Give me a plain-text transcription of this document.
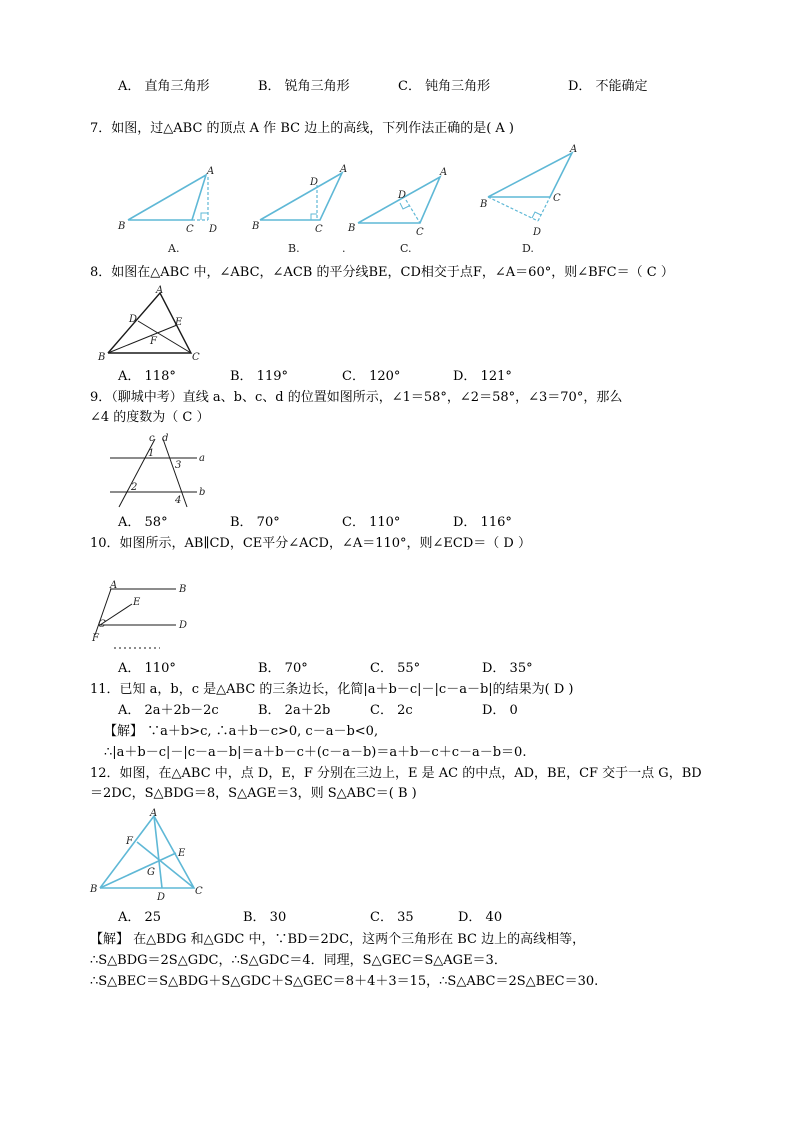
A． 直角三角形	B． 锐角三角形	C． 钝角三角形	D． 不能确定
7．如图，过△ABC 的顶点 A 作 BC 边上的高线，下列作法正确的是( A )
B	C D
A
A.
B	C
D
A
B.
B	C
D
A
C.
.
B
C
D
A
D.
8．如图在△ABC 中，∠ABC，∠ACB 的平分线BE，CD相交于点F，∠A＝60°，则∠BFC＝（ C ）
A
D	E
F
B	C
A． 118°	B． 119°	C． 120°	D． 121°
9．（聊城中考）直线 a、b、c、d 的位置如图所示，∠1＝58°，∠2＝58°，∠3＝70°，那么
∠4 的度数为（ C ）
c d
a
b
1
3
2
4
A． 58°	B． 70°	C． 110°	D． 116°
10．如图所示，AB∥CD，CE平分∠ACD，∠A＝110°，则∠ECD＝（ D ）
A	B
E
C	D
F
A． 110°	B． 70°	C． 55°	D． 35°
11．已知 a，b，c 是△ABC 的三条边长，化简|a＋b－c|－|c－a－b|的结果为( D )
A． 2a＋2b－2c	B． 2a＋2b	C． 2c	D． 0
【解】 ∵a＋b>c, ∴a＋b－c>0, c－a－b<0,
∴|a＋b－c|－|c－a－b|＝a＋b－c＋(c－a－b)＝a＋b－c＋c－a－b＝0.
12．如图，在△ABC 中，点 D，E，F 分别在三边上，E 是 AC 的中点，AD，BE，CF 交于一点 G，BD
＝2DC，S△BDG＝8，S△AGE＝3，则 S△ABC＝( B )
A
F
E
G
B	C
D
A． 25	B． 30	C． 35	D． 40
【解】 在△BDG 和△GDC 中，∵BD＝2DC，这两个三角形在 BC 边上的高线相等，
∴S△BDG＝2S△GDC，∴S△GDC＝4．同理，S△GEC＝S△AGE＝3．
∴S△BEC＝S△BDG＋S△GDC＋S△GEC＝8＋4＋3＝15，∴S△ABC＝2S△BEC＝30.
